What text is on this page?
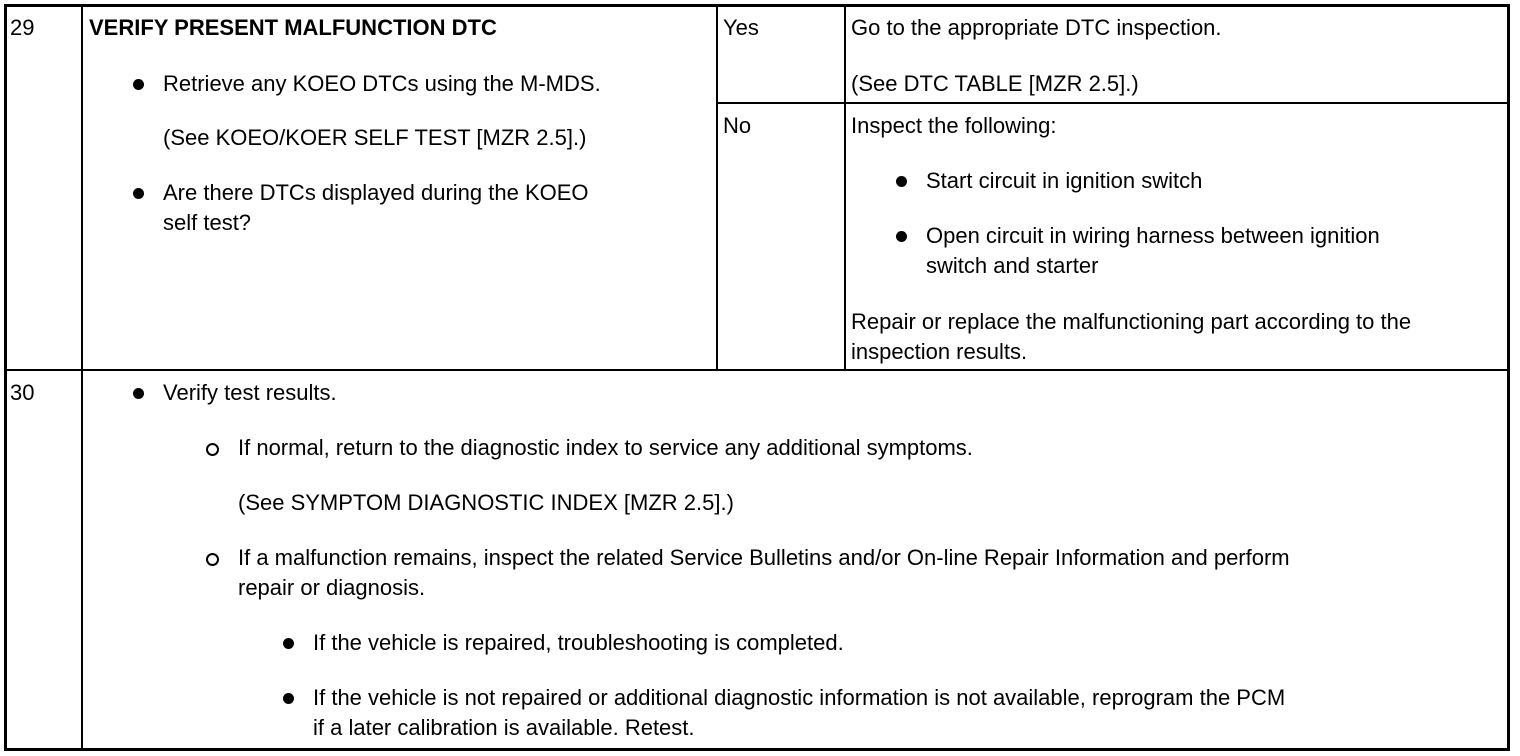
29 VERIFY PRESENT MALFUNCTION DTC
Retrieve any KOEO DTCs using the M-MDS.
(See KOEO/KOER SELF TEST [MZR 2.5].)
Are there DTCs displayed during the KOEO
self test?
Yes	Go to the appropriate DTC inspection.
(See DTC TABLE [MZR 2.5].)
No	Inspect the following:
Start circuit in ignition switch
Open circuit in wiring harness between ignition
switch and starter
Repair or replace the malfunctioning part according to the
inspection results.
30	Verify test results.
If normal, return to the diagnostic index to service any additional symptoms.
(See SYMPTOM DIAGNOSTIC INDEX [MZR 2.5].)
If a malfunction remains, inspect the related Service Bulletins and/or On-line Repair Information and perform
repair or diagnosis.
If the vehicle is repaired, troubleshooting is completed.
If the vehicle is not repaired or additional diagnostic information is not available, reprogram the PCM
if a later calibration is available. Retest.
